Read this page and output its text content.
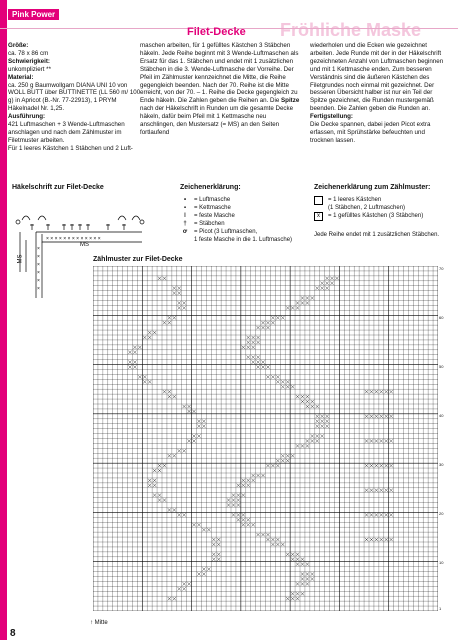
Pink Power
Fröhliche Maske
Filet-Decke

Größe:

ca. 78 x 86 cm

Schwierigkeit:

unkompliziert **

Material:

ca. 250 g Baumwollgarn DIANA UNI 10 von WOLL BUTT über BUTTINETTE (LL 560 m/ 100 g) in Apricot (B.-Nr. 77-22913), 1 PRYM Häkelnadel Nr. 1,25.

Ausführung:

421 Luftmaschen + 3 Wende-Luftmaschen anschlagen und nach dem Zählmuster im Filetmuster arbeiten.

Für 1 leeres Kästchen 1 Stäbchen und 2 Luft-

maschen arbeiten, für 1 gefülltes Kästchen 3 Stäbchen häkeln. Jede Reihe beginnt mit 3 Wende-Luftmaschen als Ersatz für das 1. Stäbchen und endet mit 1 zusätzlichen Stäbchen in die 3. Wende-Luftmasche der Vorreihe. Der Pfeil im Zählmuster kennzeichnet die Mitte, die Reihe gegengleich beenden. Nach der 70. Reihe ist die Mitte erreicht, von der 70. – 1. Reihe die Decke gegengleich zu Ende häkeln. Die Zahlen geben die Reihen an. Die Spitze nach der Häkelschrift in Runden um die gesamte Decke häkeln, dafür beim Pfeil mit 1 Kettmasche neu anschlingen, den Mustersatz (= MS) an den Seiten fortlaufend

wiederholen und die Ecken wie gezeichnet arbeiten. Jede Runde mit der in der Häkelschrift gezeichneten Anzahl von Luftmaschen beginnen und mit 1 Kettmasche enden. Zum besseren Verständnis sind die äußeren Kästchen des Filetgrundes noch einmal mit gezeichnet. Der besseren Übersicht halber ist nur ein Teil der Spitze gezeichnet, die Runden mustergemäß beenden. Die Zahlen geben die Runden an.

Fertigstellung:

Die Decke spannen, dabei jeden Picot extra erfassen, mit Sprühstärke befeuchten und trocknen lassen.

Häkelschrift zur Filet-Decke
× × × × × × × × × × × × ×
×
×
×
×
×
×
MS
MS
Zeichenerklärung:
•	= Luftmasche
▪	= Kettmasche
ǀ	= feste Masche
†	= Stäbchen
ơ	= Picot (3 Luftmaschen,
1 feste Masche in die 1. Luftmasche)
Zeichenerklärung zum Zählmuster:
= 1 leeres Kästchen
(1 Stäbchen, 2 Luftmaschen)
x = 1 gefülltes Kästchen (3 Stäbchen)
Jede Reihe endet mit 1 zusätzlichen Stäbchen.
Zählmuster zur Filet-Decke
70
60
50
40
30
20
10
1
↑ Mitte
8
